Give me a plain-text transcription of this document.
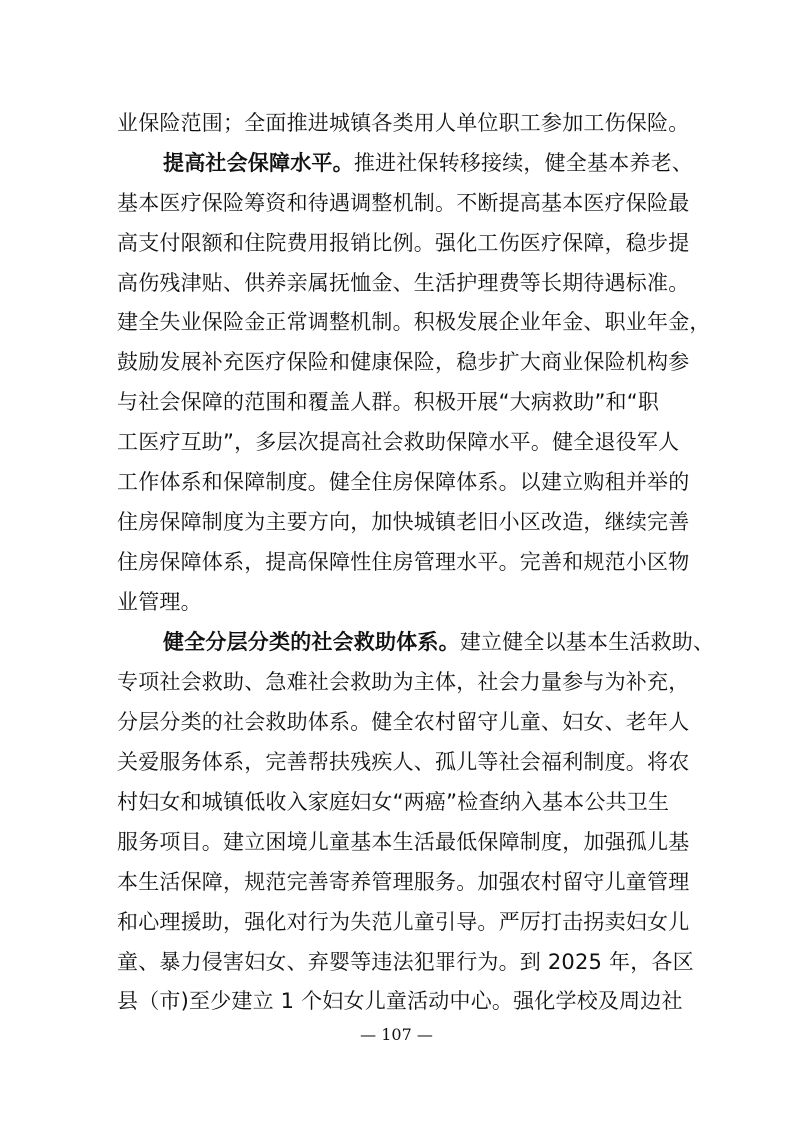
业保险范围；全面推进城镇各类用人单位职工参加工伤保险。
提高社会保障水平。推进社保转移接续，健全基本养老、
基本医疗保险筹资和待遇调整机制。不断提高基本医疗保险最
高支付限额和住院费用报销比例。强化工伤医疗保障，稳步提
高伤残津贴、供养亲属抚恤金、生活护理费等长期待遇标准。
建全失业保险金正常调整机制。积极发展企业年金、职业年金，
鼓励发展补充医疗保险和健康保险，稳步扩大商业保险机构参
与社会保障的范围和覆盖人群。积极开展“大病救助”和“职
工医疗互助”，多层次提高社会救助保障水平。健全退役军人
工作体系和保障制度。健全住房保障体系。以建立购租并举的
住房保障制度为主要方向，加快城镇老旧小区改造，继续完善
住房保障体系，提高保障性住房管理水平。完善和规范小区物
业管理。
健全分层分类的社会救助体系。建立健全以基本生活救助、
专项社会救助、急难社会救助为主体，社会力量参与为补充，
分层分类的社会救助体系。健全农村留守儿童、妇女、老年人
关爱服务体系，完善帮扶残疾人、孤儿等社会福利制度。将农
村妇女和城镇低收入家庭妇女“两癌”检查纳入基本公共卫生
服务项目。建立困境儿童基本生活最低保障制度，加强孤儿基
本生活保障，规范完善寄养管理服务。加强农村留守儿童管理
和心理援助，强化对行为失范儿童引导。严厉打击拐卖妇女儿
童、暴力侵害妇女、弃婴等违法犯罪行为。到 2025 年，各区
县（市)至少建立 1 个妇女儿童活动中心。强化学校及周边社
— 107 —
